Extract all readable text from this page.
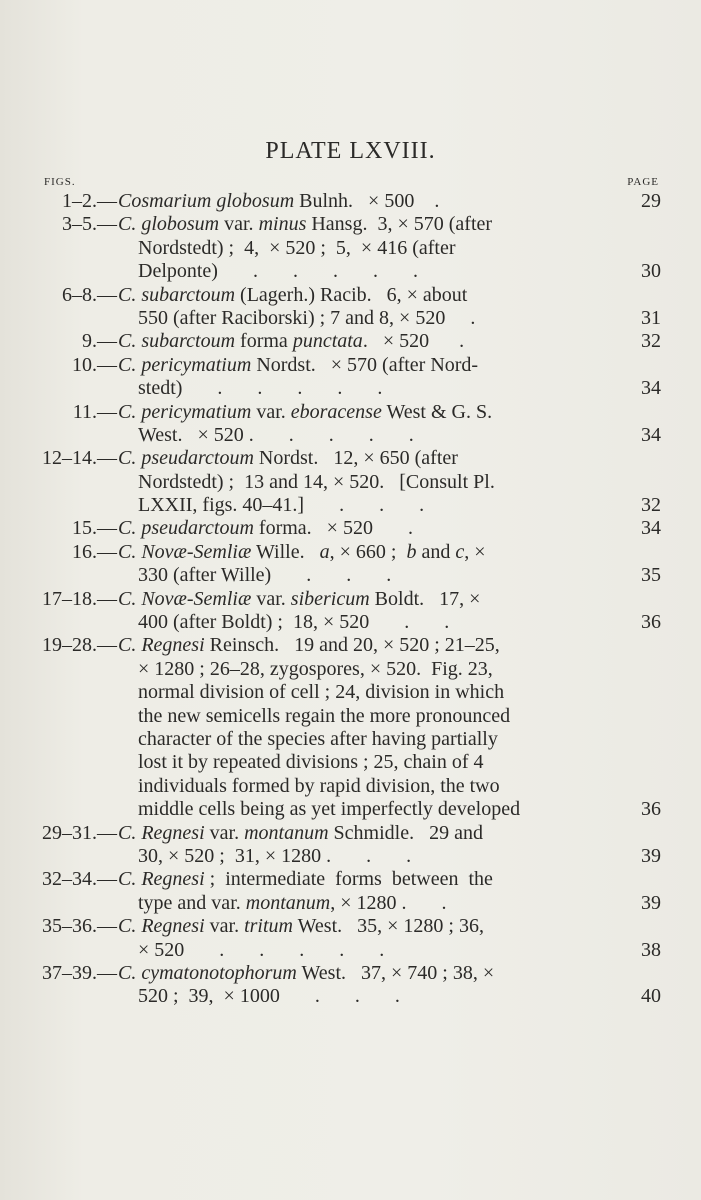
PLATE LXVIII.
FIGS.	PAGE
1–2.— Cosmarium globosum Bulnh.   × 500    .	29
3–5.— C. globosum var. minus Hansg.  3, × 570 (after
Nordstedt) ;  4,  × 520 ;  5,  × 416 (after
Delponte)       .       .       .       .       .	30
6–8.— C. subarctoum (Lagerh.) Racib.   6, × about
550 (after Raciborski) ; 7 and 8, × 520     .	31
9.— C. subarctoum forma punctata.   × 520      .	32
10.— C. pericymatium Nordst.   × 570 (after Nord-
stedt)       .       .       .       .       .	34
11.— C. pericymatium var. eboracense West & G. S.
West.   × 520 .       .       .       .       .	34
12–14.— C. pseudarctoum Nordst.   12, × 650 (after
Nordstedt) ;  13 and 14, × 520.   [Consult Pl.
LXXII, figs. 40–41.]       .       .       .	32
15.— C. pseudarctoum forma.   × 520       .	34
16.— C. Novæ-Semliæ Wille.   a, × 660 ;  b and c, ×
330 (after Wille)       .       .       .	35
17–18.— C. Novæ-Semliæ var. sibericum Boldt.   17, ×
400 (after Boldt) ;  18, × 520       .       .	36
19–28.— C. Regnesi Reinsch.   19 and 20, × 520 ; 21–25,
× 1280 ; 26–28, zygospores, × 520.  Fig. 23,
normal division of cell ; 24, division in which
the new semicells regain the more pronounced
character of the species after having partially
lost it by repeated divisions ; 25, chain of 4
individuals formed by rapid division, the two
middle cells being as yet imperfectly developed	36
29–31.— C. Regnesi var. montanum Schmidle.   29 and
30, × 520 ;  31, × 1280 .       .       .	39
32–34.— C. Regnesi ;  intermediate  forms  between  the
type and var. montanum, × 1280 .       .	39
35–36.— C. Regnesi var. tritum West.   35, × 1280 ; 36,
× 520       .       .       .       .       .	38
37–39.— C. cymatonotophorum West.   37, × 740 ; 38, ×
520 ;  39,  × 1000       .       .       .	40
